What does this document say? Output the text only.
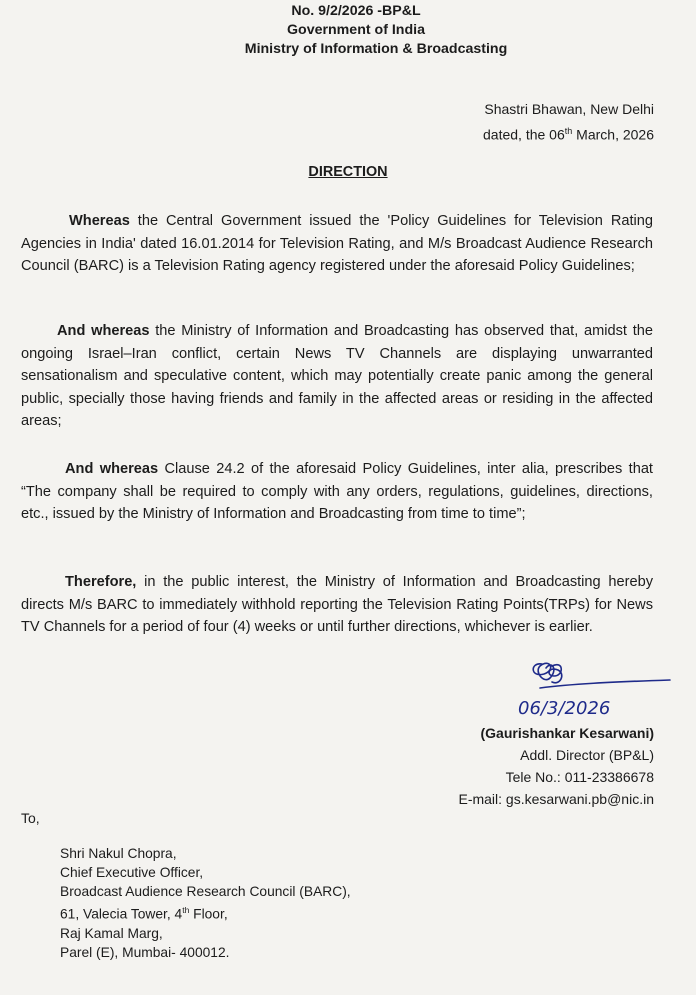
No. 9/2/2026 -BP&L
Government of India
Ministry of Information & Broadcasting
Shastri Bhawan, New Delhi
dated, the 06th March, 2026
DIRECTION

Whereas the Central Government issued the 'Policy Guidelines for Television Rating Agencies in India' dated 16.01.2014 for Television Rating, and M/s Broadcast Audience Research Council (BARC) is a Television Rating agency registered under the aforesaid Policy Guidelines;

And whereas the Ministry of Information and Broadcasting has observed that, amidst the ongoing Israel–Iran conflict, certain News TV Channels are displaying unwarranted sensationalism and speculative content, which may potentially create panic among the general public, specially those having friends and family in the affected areas or residing in the affected areas;

And whereas Clause 24.2 of the aforesaid Policy Guidelines, inter alia, prescribes that “The company shall be required to comply with any orders, regulations, guidelines, directions, etc., issued by the Ministry of Information and Broadcasting from time to time”;

Therefore, in the public interest, the Ministry of Information and Broadcasting hereby directs M/s BARC to immediately withhold reporting the Television Rating Points(TRPs) for News TV Channels for a period of four (4) weeks or until further directions, whichever is earlier.

06/3/2026
(Gaurishankar Kesarwani)
Addl. Director (BP&L)
Tele No.: 011-23386678
E-mail: gs.kesarwani.pb@nic.in
To,
Shri Nakul Chopra,
Chief Executive Officer,
Broadcast Audience Research Council (BARC),
61, Valecia Tower, 4th Floor,
Raj Kamal Marg,
Parel (E), Mumbai- 400012.
